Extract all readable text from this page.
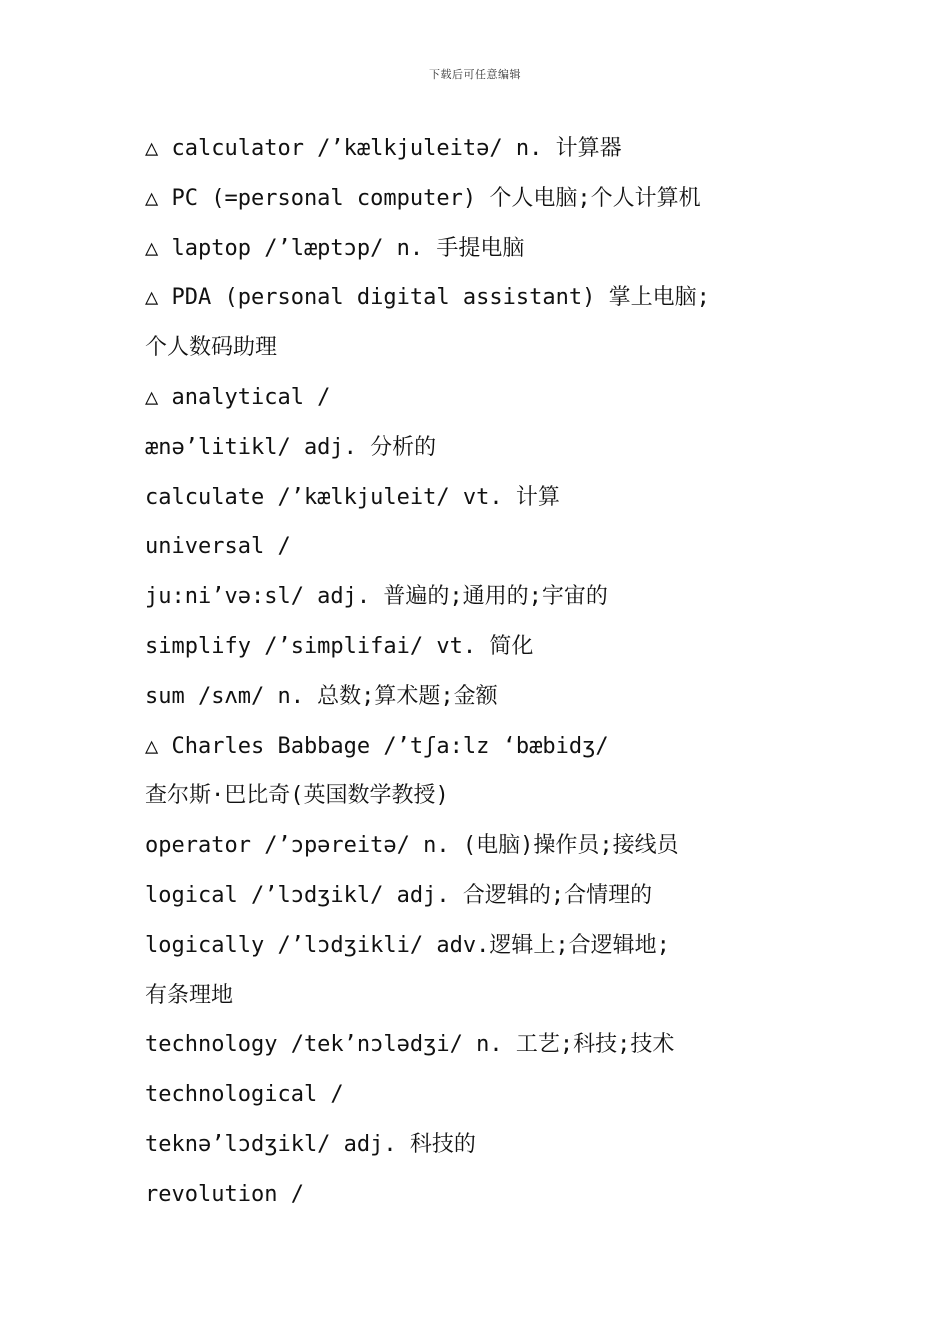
下载后可任意编辑
△ calculator /’kælkjuleitə/ n. 计算器
△ PC (=personal computer) 个人电脑;个人计算机
△ laptop /’læptɔp/ n. 手提电脑
△ PDA (personal digital assistant) 掌上电脑;
个人数码助理
△ analytical /
ænə’litikl/ adj. 分析的
calculate /’kælkjuleit/ vt. 计算
universal /
ju:ni’və:sl/ adj. 普遍的;通用的;宇宙的
simplify /’simplifai/ vt. 简化
sum /sʌm/ n. 总数;算术题;金额
△ Charles Babbage /’tʃa:lz ‘bæbidʒ/
查尔斯·巴比奇(英国数学教授)
operator /’ɔpəreitə/ n. (电脑)操作员;接线员
logical /’lɔdʒikl/ adj. 合逻辑的;合情理的
logically /’lɔdʒikli/ adv.逻辑上;合逻辑地;
有条理地
technology /tek’nɔlədʒi/ n. 工艺;科技;技术
technological /
teknə’lɔdʒikl/ adj. 科技的
revolution /
